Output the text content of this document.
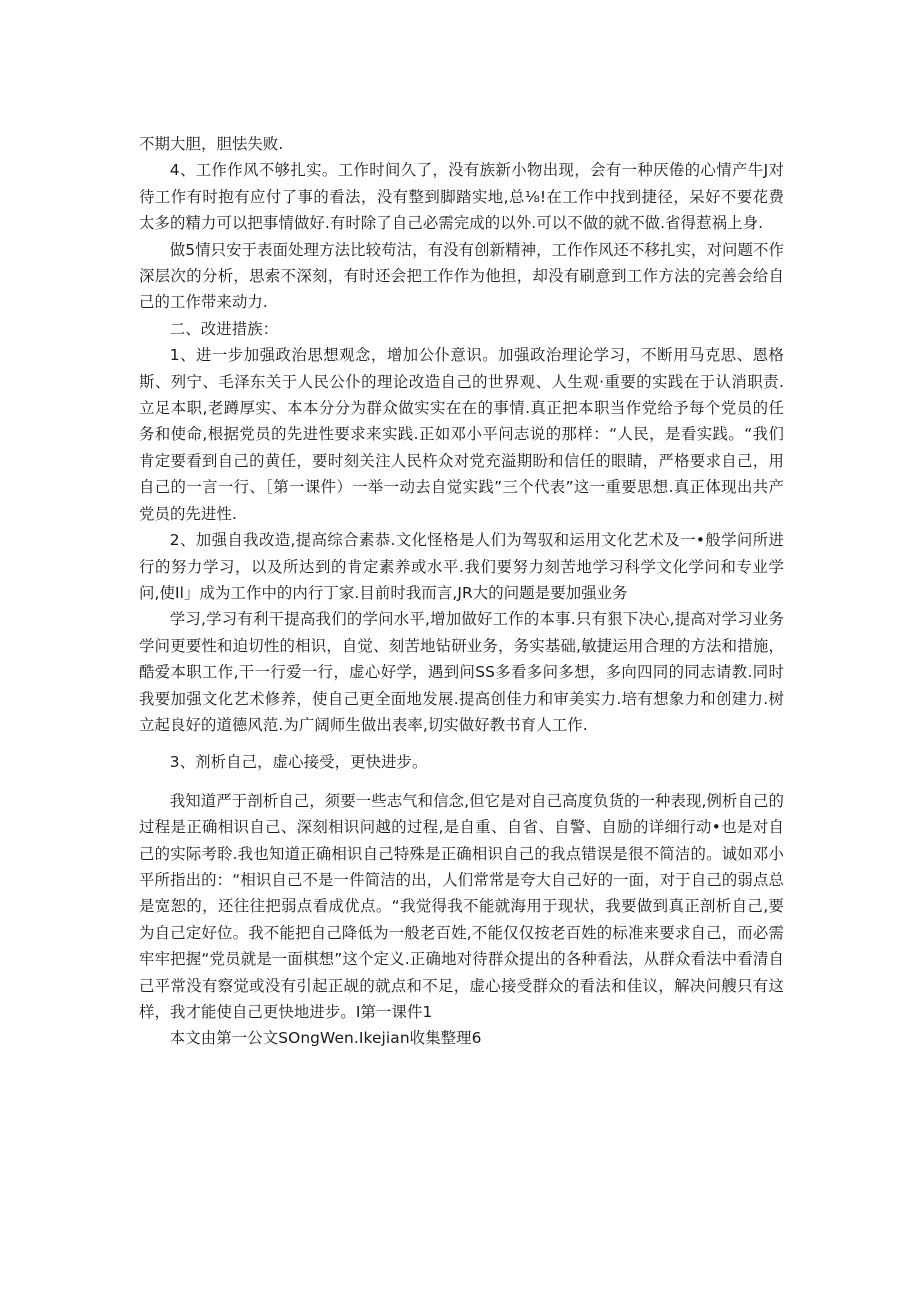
不期大胆，胆怯失败.

4、工作作风不够扎实。工作时间久了，没有族新小物出现，会有一种厌倦的心情产牛J对待工作有时抱有应付了事的看法，没有整到脚踏实地,总⅛!在工作中找到捷径，呆好不要花费太多的精力可以把事情做好.有时除了自己必需完成的以外.可以不做的就不做.省得惹祸上身.

做5情只安于表面处理方法比较苟沽，有没有创新精神，工作作风还不移扎实，对问题不作深层次的分析，思索不深刻，有时还会把工作作为他担，却没有刷意到工作方法的完善会给自己的工作带来动力.

二、改进措族：

1、进一步加强政治思想观念，增加公仆意识。加强政治理论学习，不断用马克思、恩格斯、列宁、毛泽东关于人民公仆的理论改造自己的世界观、人生观·重要的实践在于认消职责.立足本职,老蹲厚实、本本分分为群众做实实在在的事情.真正把本职当作党给予每个党员的任务和使命,根据党员的先进性要求来实践.正如邓小平问志说的那样：“人民，是看实践。“我们肯定要看到自己的黄任，要时刻关注人民杵众对党充溢期盼和信任的眼睛，严格要求自己，用自己的一言一行、［第一课件）一举一动去自觉实践”三个代表”这一重要思想.真正体现出共产党员的先进性.

2、加强自我改造,提高综合素恭.文化怪格是人们为驾驭和运用文化艺术及一•般学问所进行的努力学习，以及所达到的肯定素养或水平.我们要努力刻苦地学习科学文化学问和专业学问,使Il」成为工作中的内行丁家.目前时我而言,JR大的问题是要加强业务

学习,学习有利干提高我们的学问水平,增加做好工作的本事.只有狠下决心,提高对学习业务学问更要性和迫切性的相识，自觉、刻苦地钻研业务，务实基础,敏捷运用合理的方法和措施，酷爱本职工作,干一行爱一行，虚心好学，遇到问SS多看多问多想，多向四同的同志请教.同时我要加强文化艺术修养，使自己更全面地发展.提高创佳力和审美实力.培有想象力和创建力.树立起良好的道德风范.为广阔师生做出表率,切实做好教书育人工作.

3、剂析自己，虚心接受，更快进步。

我知道严于剖析自己，须要一些志气和信念,但它是对自己高度负货的一种表现,例析自己的过程是正确相识自己、深刻相识问越的过程,是自重、自省、自警、自励的详细行动•也是对自己的实际考聆.我也知道正确相识自己特殊是正确相识自己的我点错误是很不简洁的。诚如邓小平所指出的：“相识自己不是一件简洁的出，人们常常是夸大自己好的一面，对于自己的弱点总是宽恕的，还往往把弱点看成优点。“我觉得我不能就海用于现状，我要做到真正剖析自己,要为自己定好位。我不能把自己降低为一般老百姓,不能仅仅按老百姓的标准来要求自己，而必需牢牢把握“党员就是一面棋想”这个定义.正确地对待群众提出的各种看法，从群众看法中看清自己平常没有察觉或没有引起正觇的就点和不足，虚心接受群众的看法和佳议，解决问艘只有这样，我才能使自己更快地进步。I第一课件1

本文由第一公文SOngWen.Ikejian收集整理6
